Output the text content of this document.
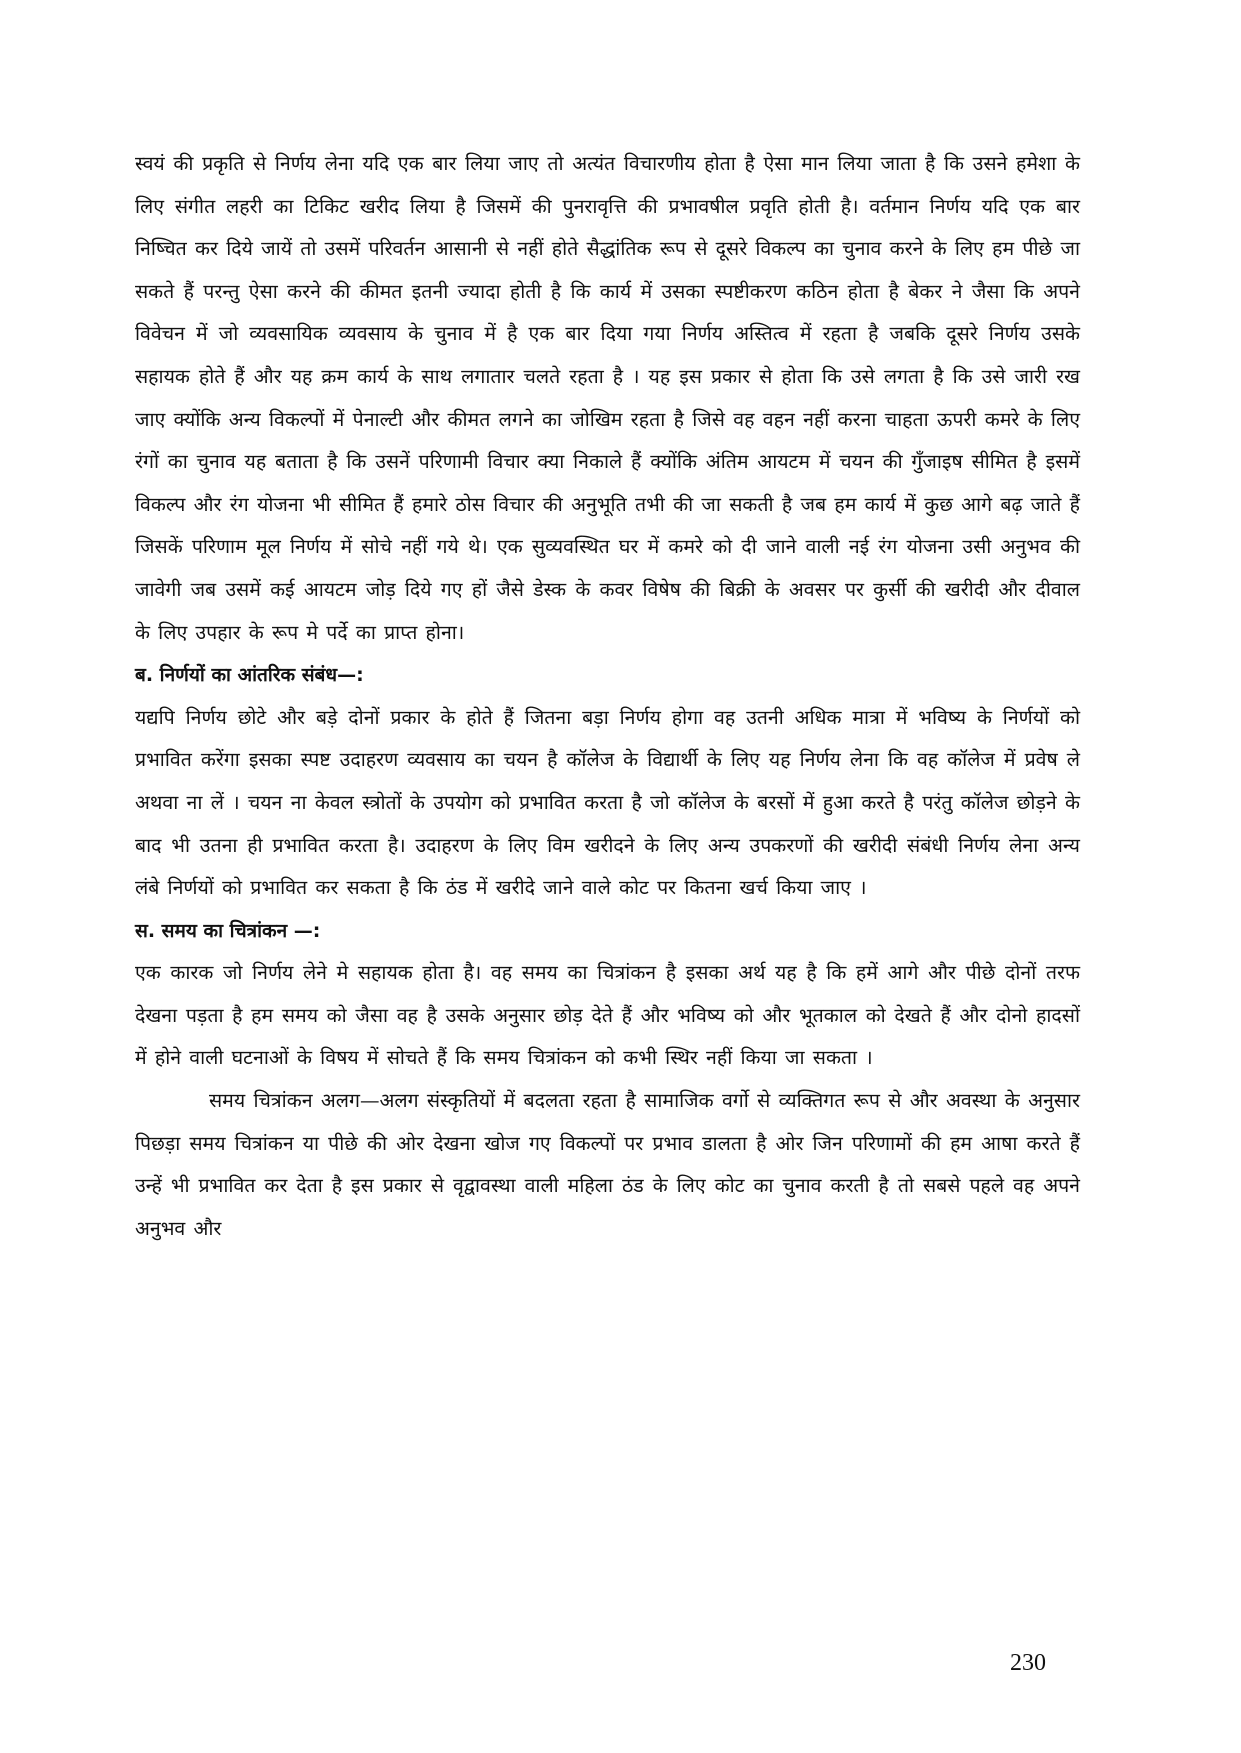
स्वयं की प्रकृति से निर्णय लेना यदि एक बार लिया जाए तो अत्यंत विचारणीय होता है ऐसा मान लिया जाता है कि उसने हमेशा के लिए संगीत लहरी का टिकिट खरीद लिया है जिसमें की पुनरावृत्ति की प्रभावषील प्रवृति होती है। वर्तमान निर्णय यदि एक बार निष्चित कर दिये जायें तो उसमें परिवर्तन आसानी से नहीं होते सैद्धांतिक रूप से दूसरे विकल्प का चुनाव करने के लिए हम पीछे जा सकते हैं परन्तु ऐसा करने की कीमत इतनी ज्यादा होती है कि कार्य में उसका स्पष्टीकरण कठिन होता है बेकर ने जैसा कि अपने विवेचन में जो व्यवसायिक व्यवसाय के चुनाव में है एक बार दिया गया निर्णय अस्तित्व में रहता है जबकि दूसरे निर्णय उसके सहायक होते हैं और यह क्रम कार्य के साथ लगातार चलते रहता है । यह इस प्रकार से होता कि उसे लगता है कि उसे जारी रख जाए क्योंकि अन्य विकल्पों में पेनाल्टी और कीमत लगने का जोखिम रहता है जिसे वह वहन नहीं करना चाहता ऊपरी कमरे के लिए रंगों का चुनाव यह बताता है कि उसनें परिणामी विचार क्या निकाले हैं क्योंकि अंतिम आयटम में चयन की गुँजाइष सीमित है इसमें विकल्प और रंग योजना भी सीमित हैं हमारे ठोस विचार की अनुभूति तभी की जा सकती है जब हम कार्य में कुछ आगे बढ़ जाते हैं जिसकें परिणाम मूल निर्णय में सोचे नहीं गये थे। एक सुव्यवस्थित घर में कमरे को दी जाने वाली नई रंग योजना उसी अनुभव की जावेगी जब उसमें कई आयटम जोड़ दिये गए हों जैसे डेस्क के कवर विषेष की बिक्री के अवसर पर कुर्सी की खरीदी और दीवाल के लिए उपहार के रूप मे पर्दे का प्राप्त होना।

ब. निर्णयों का आंतरिक संबंध—:

यद्यपि निर्णय छोटे और बड़े दोनों प्रकार के होते हैं जितना बड़ा निर्णय होगा वह उतनी अधिक मात्रा में भविष्य के निर्णयों को प्रभावित करेंगा इसका स्पष्ट उदाहरण व्यवसाय का चयन है कॉलेज के विद्यार्थी के लिए यह निर्णय लेना कि वह कॉलेज में प्रवेष ले अथवा ना लें । चयन ना केवल स्त्रोतों के उपयोग को प्रभावित करता है जो कॉलेज के बरसों में हुआ करते है परंतु कॉलेज छोड़ने के बाद भी उतना ही प्रभावित करता है। उदाहरण के लिए विम खरीदने के लिए अन्य उपकरणों की खरीदी संबंधी निर्णय लेना अन्य लंबे निर्णयों को प्रभावित कर सकता है कि ठंड में खरीदे जाने वाले कोट पर कितना खर्च किया जाए ।

स. समय का चित्रांकन —:

एक कारक जो निर्णय लेने मे सहायक होता है। वह समय का चित्रांकन है इसका अर्थ यह है कि हमें आगे और पीछे दोनों तरफ देखना पड़ता है हम समय को जैसा वह है उसके अनुसार छोड़ देते हैं और भविष्य को और भूतकाल को देखते हैं और दोनो हादसों में होने वाली घटनाओं के विषय में सोचते हैं कि समय चित्रांकन को कभी स्थिर नहीं किया जा सकता ।

समय चित्रांकन अलग—अलग संस्कृतियों में बदलता रहता है सामाजिक वर्गो से व्यक्तिगत रूप से और अवस्था के अनुसार पिछड़ा समय चित्रांकन या पीछे की ओर देखना खोज गए विकल्पों पर प्रभाव डालता है ओर जिन परिणामों की हम आषा करते हैं उन्हें भी प्रभावित कर देता है इस प्रकार से वृद्वावस्था वाली महिला ठंड के लिए कोट का चुनाव करती है तो सबसे पहले वह अपने अनुभव और

230
